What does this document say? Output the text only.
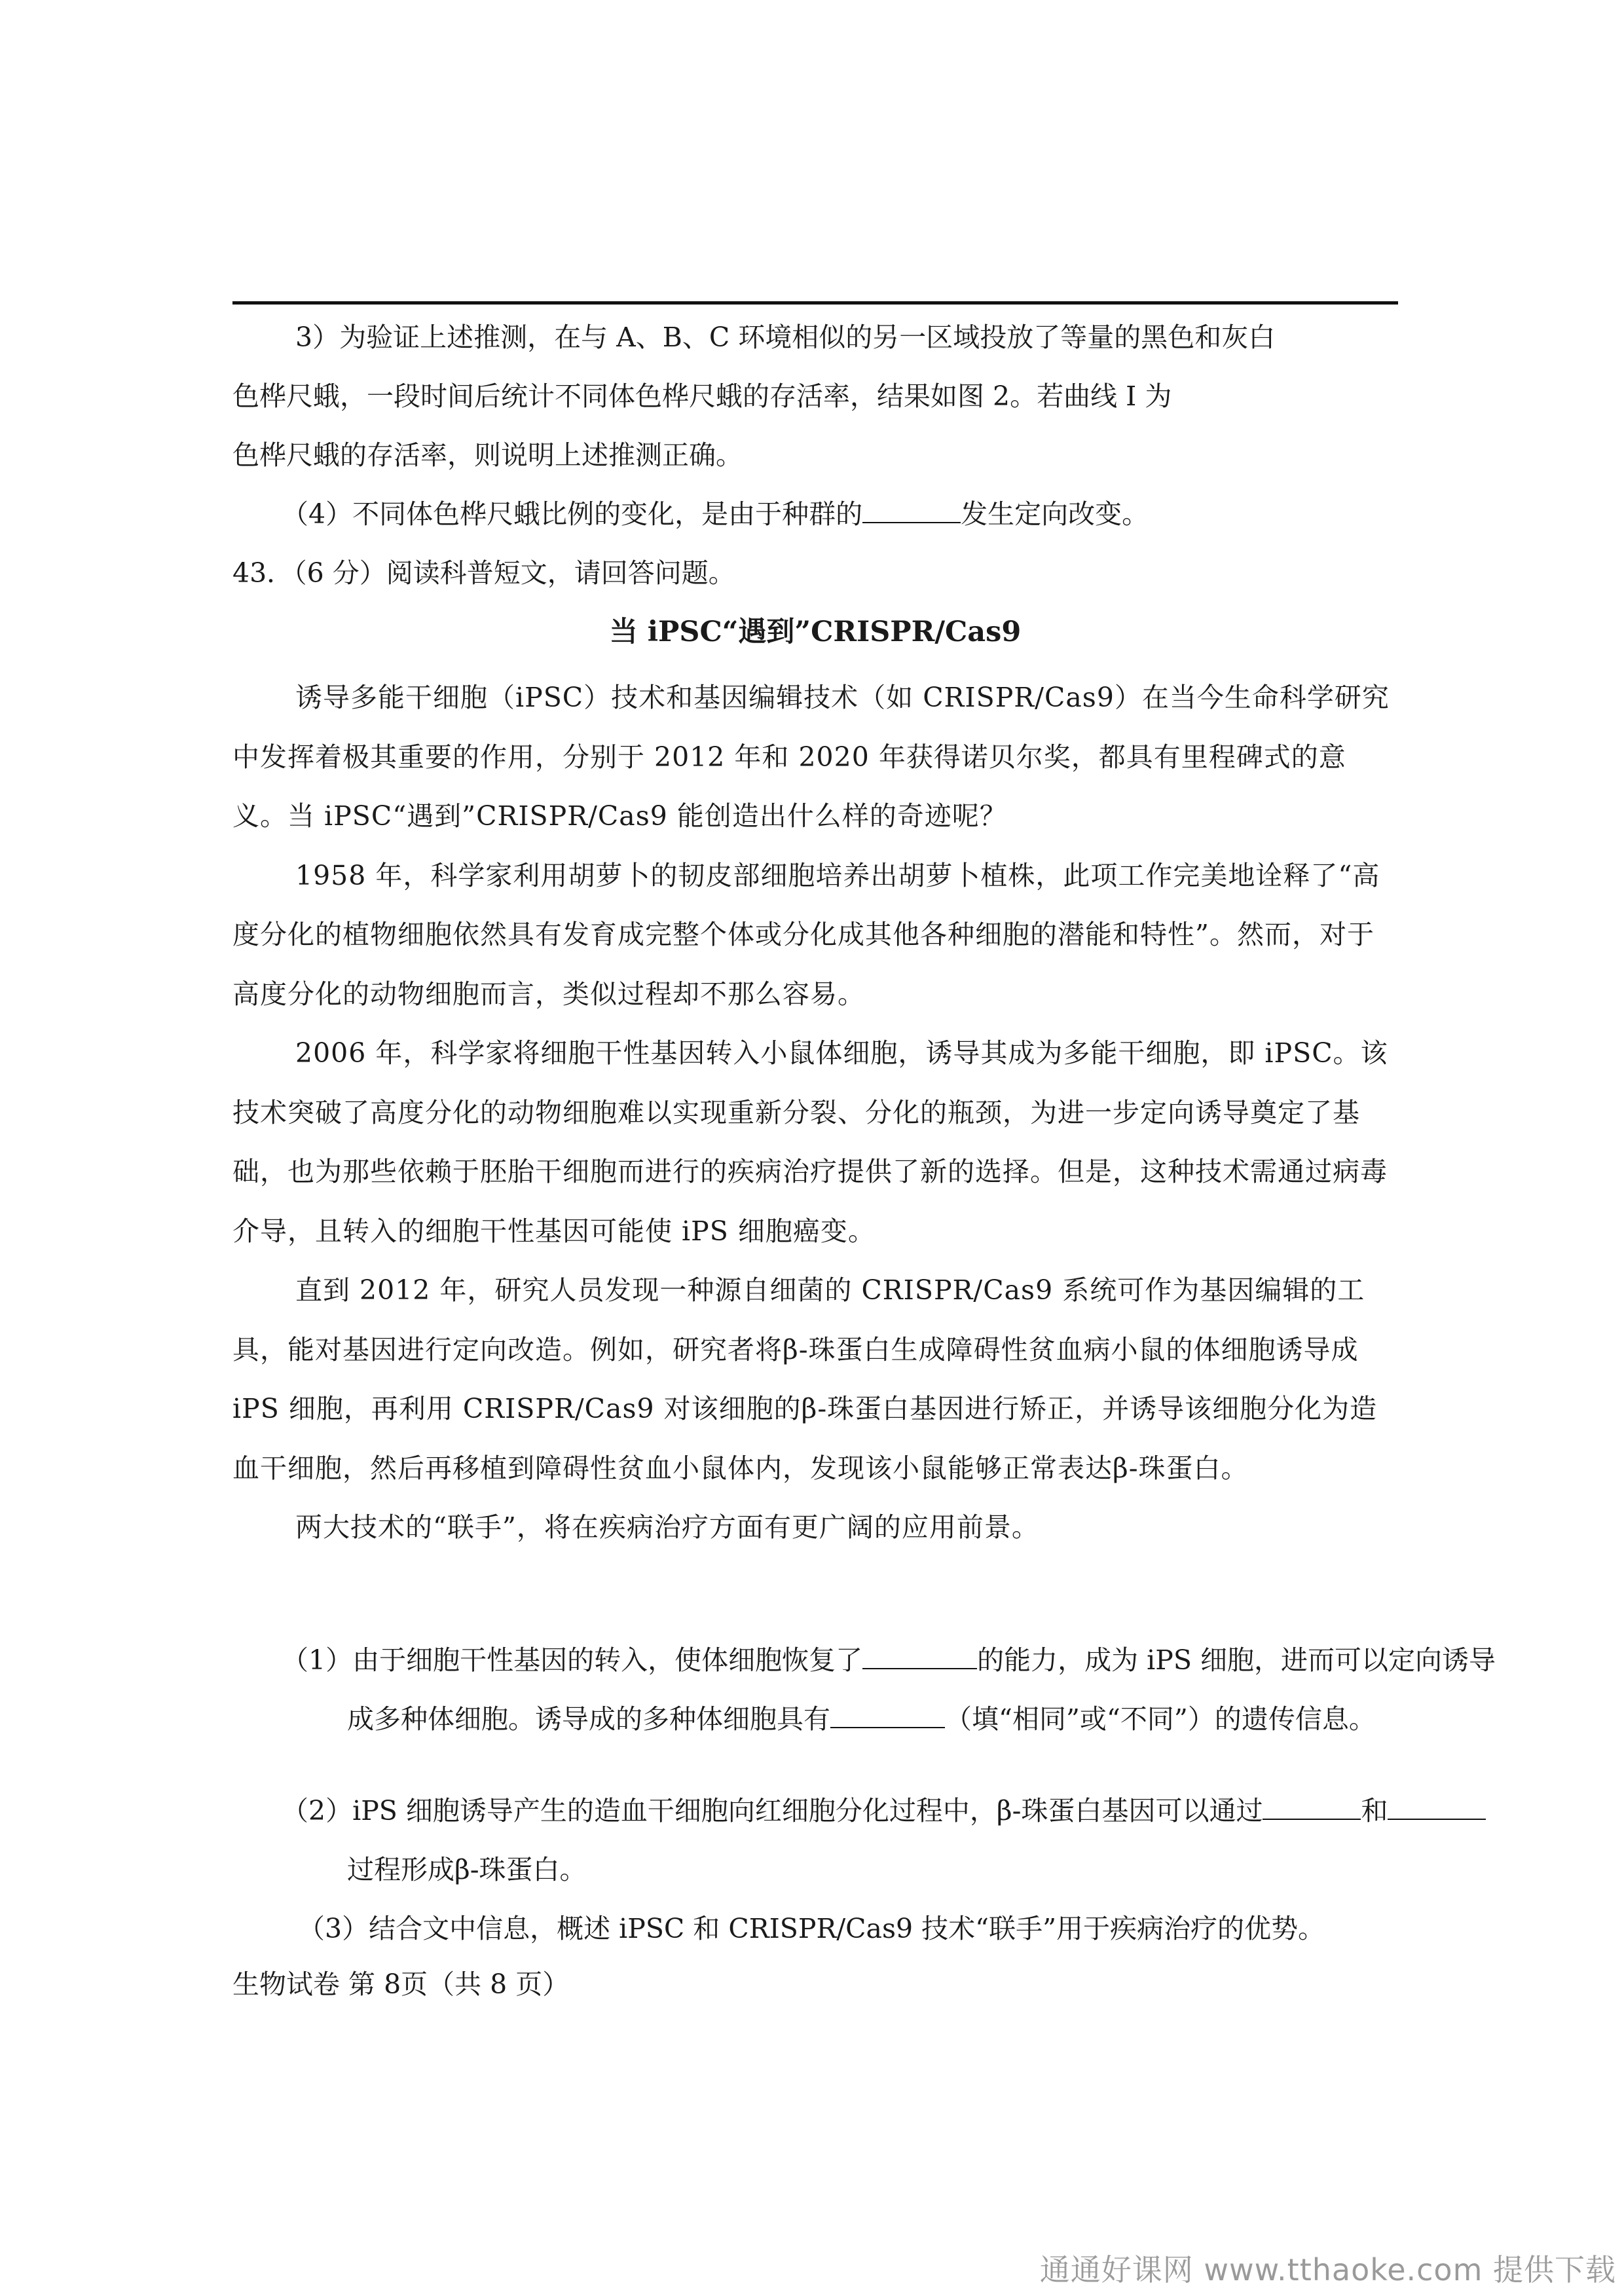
3）为验证上述推测，在与 A、B、C 环境相似的另一区域投放了等量的黑色和灰白

色桦尺蛾，一段时间后统计不同体色桦尺蛾的存活率，结果如图 2。若曲线 I 为

色桦尺蛾的存活率，则说明上述推测正确。

（4）不同体色桦尺蛾比例的变化，是由于种群的	发生定向改变。
43．（6 分）阅读科普短文，请回答问题。
当 iPSC“遇到”CRISPR/Cas9

诱导多能干细胞（iPSC）技术和基因编辑技术（如 CRISPR/Cas9）在当今生命科学研究中发挥着极其重要的作用，分别于 2012 年和 2020 年获得诺贝尔奖，都具有里程碑式的意义。当 iPSC“遇到”CRISPR/Cas9 能创造出什么样的奇迹呢？

1958 年，科学家利用胡萝卜的韧皮部细胞培养出胡萝卜植株，此项工作完美地诠释了“高度分化的植物细胞依然具有发育成完整个体或分化成其他各种细胞的潜能和特性”。然而，对于高度分化的动物细胞而言，类似过程却不那么容易。

2006 年，科学家将细胞干性基因转入小鼠体细胞，诱导其成为多能干细胞，即 iPSC。该技术突破了高度分化的动物细胞难以实现重新分裂、分化的瓶颈，为进一步定向诱导奠定了基础，也为那些依赖于胚胎干细胞而进行的疾病治疗提供了新的选择。但是，这种技术需通过病毒介导，且转入的细胞干性基因可能使 iPS 细胞癌变。

直到 2012 年，研究人员发现一种源自细菌的 CRISPR/Cas9 系统可作为基因编辑的工具，能对基因进行定向改造。例如，研究者将β-珠蛋白生成障碍性贫血病小鼠的体细胞诱导成 iPS 细胞，再利用 CRISPR/Cas9 对该细胞的β-珠蛋白基因进行矫正，并诱导该细胞分化为造血干细胞，然后再移植到障碍性贫血小鼠体内，发现该小鼠能够正常表达β-珠蛋白。

两大技术的“联手”，将在疾病治疗方面有更广阔的应用前景。

（1）由于细胞干性基因的转入，使体细胞恢复了	的能力，成为 iPS 细胞，进而可以定向诱导成多种体细胞。诱导成的多种体细胞具有	（填“相同”或“不同”）的遗传信息。
（2）iPS 细胞诱导产生的造血干细胞向红细胞分化过程中，β-珠蛋白基因可以通过	和过程形成β-珠蛋白。
（3）结合文中信息，概述 iPSC 和 CRISPR/Cas9 技术“联手”用于疾病治疗的优势。
生物试卷 第 8页（共 8 页）
通通好课网 www.tthaoke.com 提供下载
